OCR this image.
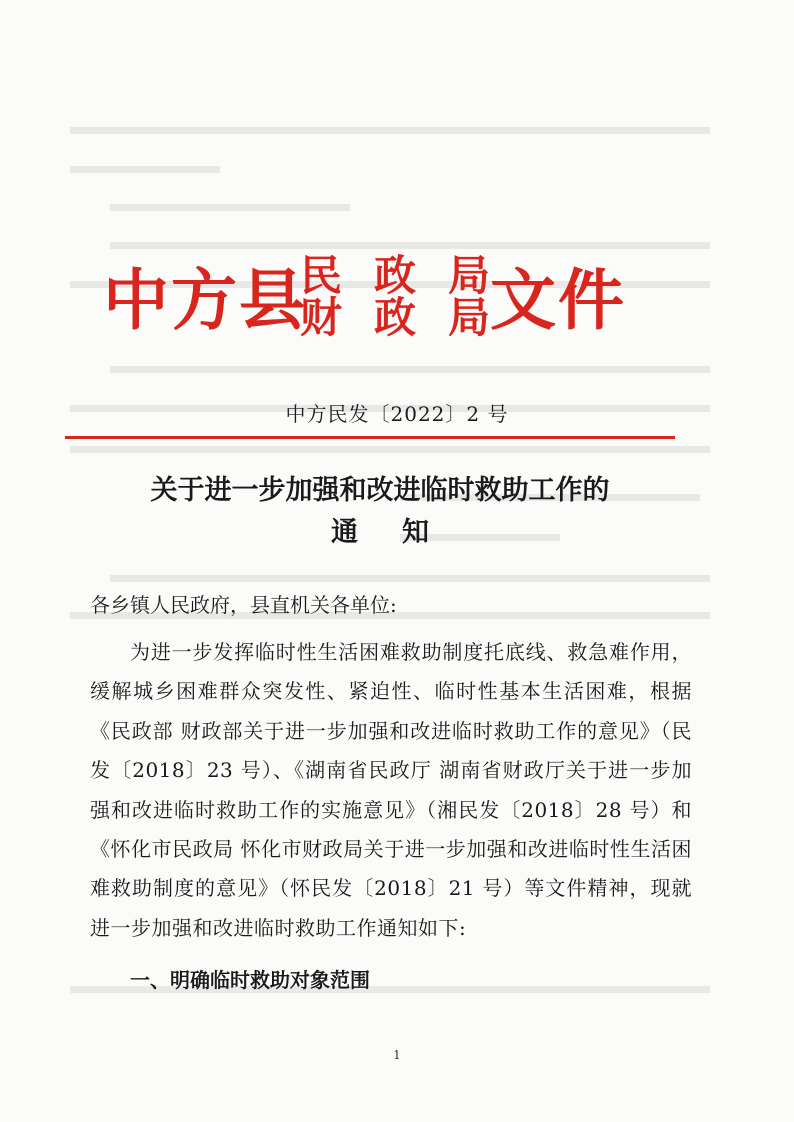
中方县
民 政 局
财 政 局 文件
中方民发〔2022〕2 号
关于进一步加强和改进临时救助工作的
通知
各乡镇人民政府，县直机关各单位:
为进一步发挥临时性生活困难救助制度托底线、救急难作用，缓解城乡困难群众突发性、紧迫性、临时性基本生活困难，根据《民政部 财政部关于进一步加强和改进临时救助工作的意见》（民发〔2018〕23 号）、《湖南省民政厅 湖南省财政厅关于进一步加强和改进临时救助工作的实施意见》（湘民发〔2018〕28 号）和《怀化市民政局 怀化市财政局关于进一步加强和改进临时性生活困难救助制度的意见》（怀民发〔2018〕21 号）等文件精神，现就进一步加强和改进临时救助工作通知如下:
一、明确临时救助对象范围
1
